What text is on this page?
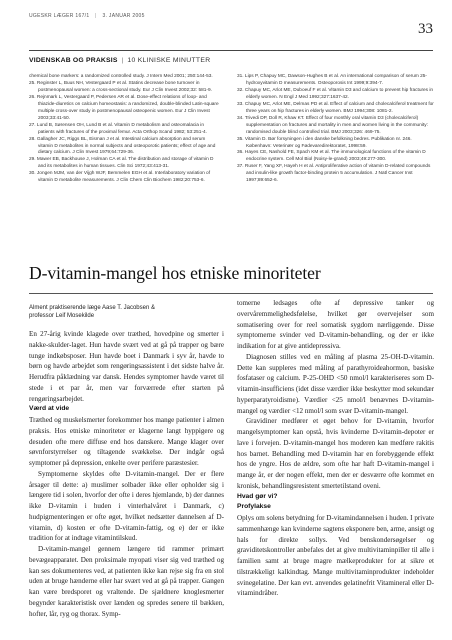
UGESKR LÆGER 167/1 | 3. JANUAR 2005
33
VIDENSKAB OG PRAKSIS | 10 KLINISKE MINUTTER
chemical bone markers: a randomized controlled study. J Intern Med 2001; 250:144-53.
25. Reginster L, Buus NH, Vestergaard P et al. Statins decrease bone turnover in postmenopausal women: a cross-sectional study. Eur J Clin Invest 2002;32: 581-9.
26. Rejnmark L, Vestergaard P, Pedersen AR et al. Dose-effect relations of loop- and thiazide-diuretics on calcium homeostasis: a randomized, double-blinded Latin-square multiple cross-over study in postmenopausal osteopenic women. Eur J Clin Invest 2003;33:41-50.
27. Lund B, Sørensen OH, Lund B et al. Vitamin D metabolism and osteomalacia in patients with fractures of the proximal femur. Acta Orthop Scand 1982; 53:251-4.
28. Gallagher JC, Riggs BL, Eisman J et al. Intestinal calcium absorption and serum vitamin D metabolites in normal subjects and osteoporotic patients; effect of age and dietary calcium. J Clin Invest 1979;64:729-36.
29. Mawer EB, Backhouse J, Holman CA et al. The distribution and storage of vitamin D and its metabolites in human tissues. Clin Sci 1972;43:413-31.
30. Jongen MJM, van der Vijgh WJF, Bemmelen EGH et al. Interlaboratory variation of vitamin D metabolite measurements. J Clin Chem Clin Biochem 1982;20:753-6.
31. Lips P, Chapuy MC, Dawson-Hughes B et al. An international comparison of serum 25-hydroxyvitamin D measurements. Osteoporosis Int 1999;9:394-7.
32. Chapuy MC, Arlot ME, Duboeuf F et al. Vitamin D3 and calcium to prevent hip fractures in elderly women. N Engl J Med 1992;327:1637-42.
33. Chapuy MC, Arlot ME, Delmas PD et al. Effect of calcium and cholecalciferol treatment for three years on hip fractures in elderly women. BMJ 1994;308: 1081-2.
34. Trivedi DP, Doll R, Khaw KT. Effect of four monthly oral vitamin D3 (cholecalciferol) supplementation on fractures and mortality in men and women living in the community: randomised double blind controlled trial. BMJ 2003;326: 469-75.
35. Vitamin D. Bør forsyningen i den danske befolkning bedres. Publikation nr. 246. København: Veterinær og Fødevaredirektoratet, 1998:59.
36. Hayes CE, Nashold FE, Spach KM et al. The immunological functions of the vitamin D endocrine system. Cell Mol Biol (Noisy-le-grand) 2003;49:277-300.
37. Ruser F, Yang XF, Hayeh H et al. Antiproliferative action of vitamin D-related compounds and insulin-like growth factor-binding protein 5 accumulation. J Natl Cancer Inst 1997;89:652-6.
D-vitamin-mangel hos etniske minoriteter
Alment praktiserende læge Aase T. Jacobsen &
professor Leif Mosekilde

En 27-årig kvinde klagede over træthed, hovedpine og smerter i nakke-skulder-laget. Hun havde svært ved at gå på trapper og bære tunge indkøbsposer. Hun havde boet i Danmark i syv år, havde to børn og havde arbejdet som rengøringsassistent i det sidste halve år. Herudfra påklædning var dansk. Hendes symptomer havde været til stede i et par år, men var forværrede efter starten på rengøringsarbejdet.

Værd at vide

Træthed og muskelsmerter forekommer hos mange patienter i almen praksis. Hos etniske minoriteter er klagerne langt hyppigere og desuden ofte mere diffuse end hos danskere. Mange klager over søvnforstyrrelser og tiltagende svækkelse. Der indgår også symptomer på depression, enkelte over perifere paræstesier.

Symptomerne skyldes ofte D-vitamin-mangel. Der er flere årsager til dette: a) muslimer solbader ikke eller opholder sig i længere tid i solen, hvorfor der ofte i deres hjemlande, b) der dannes ikke D-vitamin i huden i vinterhalvåret i Danmark, c) hudpigmenteringen er ofte øget, hvilket nedsætter dannelsen af D-vitamin, d) kosten er ofte D-vitamin-fattig, og e) der er ikke tradition for at indtage vitamintilskud.

D-vitamin-mangel gennem længere tid rammer primært bevægeapparatet. Den proksimale myopati viser sig ved træthed og kan ses dokumenteres ved, at patienten ikke kan rejse sig fra en stol uden at bruge hænderne eller har svært ved at gå på trapper. Gangen kan være bredsporet og vraltende. De sjældnere knoglesmerter begynder karakteristisk over lænden og spredes senere til bækken, hofter, lår, ryg og thorax. Symp-

tomerne ledsages ofte af depressive tanker og overvåremmelighedsfølelse, hvilket gør overvejelser som somatisering over for reel somatisk sygdom nærliggende. Disse symptomerne svinder ved D-vitamin-behandling, og der er ikke indikation for at give antidepressiva.

Diagnosen stilles ved en måling af plasma 25-OH-D-vitamin. Dette kan suppleres med måling af parathyroideahormon, basiske fosfataser og calcium. P-25-OHD <50 nmol/l karakteriseres som D-vitamin-insufficiens (idet disse værdier ikke beskytter mod sekundær hyperparatyroidisme). Værdier <25 nmol/l benævnes D-vitamin-mangel og værdier <12 nmol/l som svær D-vitamin-mangel.

Gravidiner medfører et øget behov for D-vitamin, hvorfor mangelsymptomer kan opstå, hvis kvinderne D-vitamin-depoter er lave i forvejen. D-vitamin-mangel hos moderen kan medføre rakitis hos barnet. Behandling med D-vitamin har en forebyggende effekt hos de yngre. Hos de ældre, som ofte har haft D-vitamin-mangel i mange år, er der nogen effekt, men der er desværre ofte kommet en kronisk, behandlingsresistent smertetilstand oveni.

Hvad gør vi?
Profylakse

Oplys om solens betydning for D-vitamindannelsen i huden. I private sammenhænge kan kvinderne sagtens eksponere ben, arme, ansigt og hals for direkte sollys. Ved benskondersøgelser og graviditetskontroller anbefales det at give multivitaminpiller til alle i familien samt at bruge magre mælkeprodukter for at sikre et tilstrækkeligt kalkindtag. Mange multivitaminprodukter indeholder svinegelatine. Der kan evt. anvendes gelatinefrit Vitamineral eller D-vitamindråber.
